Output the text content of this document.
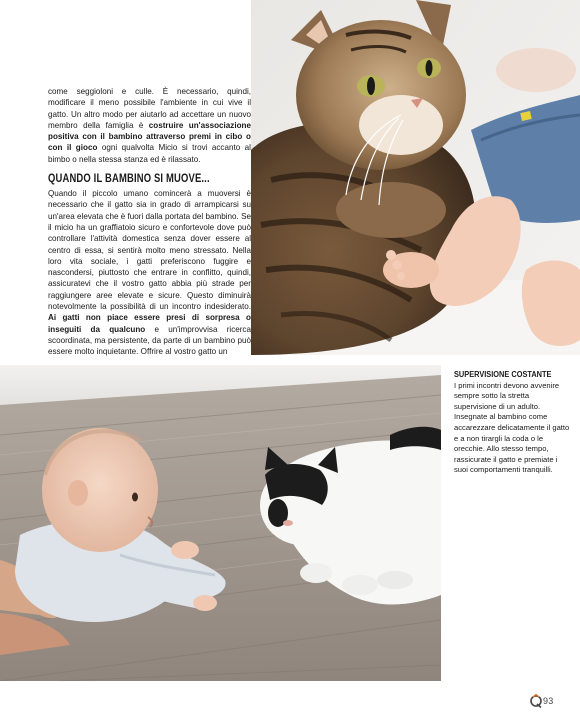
come seggioloni e culle. È necessario, quindi, modificare il meno possibile l'ambiente in cui vive il gatto. Un altro modo per aiutarlo ad accettare un nuovo membro della famiglia è costruire un'associazione positiva con il bambino attraverso premi in cibo o con il gioco ogni qualvolta Micio si trovi accanto al bimbo o nella stessa stanza ed è rilassato.

QUANDO IL BAMBINO SI MUOVE...

Quando il piccolo umano comincerà a muoversi è necessario che il gatto sia in grado di arrampicarsi su un'area elevata che è fuori dalla portata del bambino. Se il micio ha un graffiatoio sicuro e confortevole dove può controllare l'attività domestica senza dover essere al centro di essa, si sentirà molto meno stressato. Nella loro vita sociale, i gatti preferiscono fuggire e nascondersi, piuttosto che entrare in conflitto, quindi, assicuratevi che il vostro gatto abbia più strade per raggiungere aree elevate e sicure. Questo diminuirà notevolmente la possibilità di un incontro indesiderato. Ai gatti non piace essere presi di sorpresa o inseguiti da qualcuno e un'improvvisa ricerca scoordinata, ma persistente, da parte di un bambino può essere molto inquietante. Offrire al vostro gatto un

SUPERVISIONE COSTANTE

I primi incontri devono avvenire sempre sotto la stretta supervisione di un adulto. Insegnate al bambino come accarezzare delicatamente il gatto e a non tirargli la coda o le orecchie. Allo stesso tempo, rassicurate il gatto e premiate i suoi comportamenti tranquilli.

93
